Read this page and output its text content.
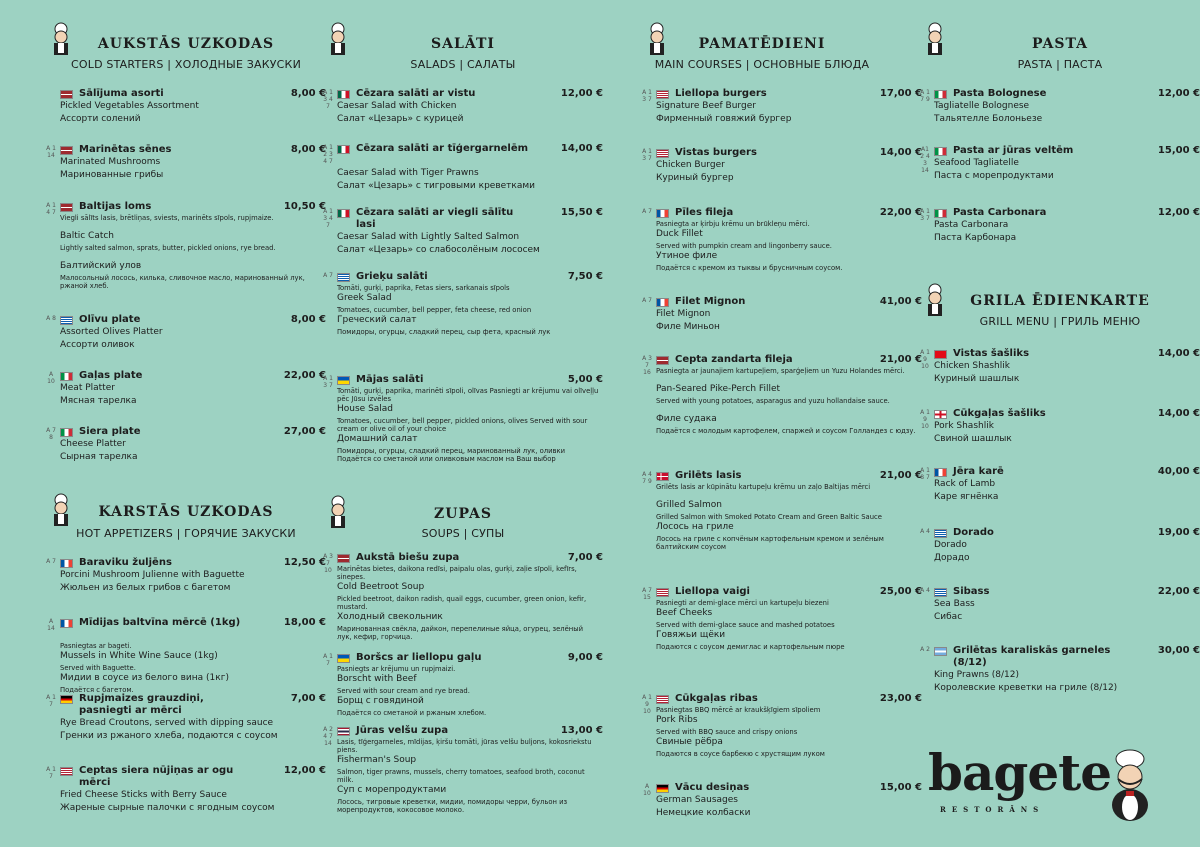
AUKSTĀS UZKODAS
COLD STARTERS | ХОЛОДНЫЕ ЗАКУСКИ
Sālījuma asorti	8,00 €
Pickled Vegetables Assortment
Ассорти солений
A 1 14
Marinētas sēnes	8,00 €
Marinated Mushrooms
Маринованные грибы
A 1 4 7
Baltijas loms	10,50 €
Viegli sālīts lasis, brētliņas, sviests, marinēts sīpols, rupjmaize.
Baltic Catch
Lightly salted salmon, sprats, butter, pickled onions, rye bread.
Балтийский улов
Малосольный лосось, килька, сливочное масло, маринованный лук, ржаной хлеб.
A 8 Olīvu plate	8,00 €
Assorted Olives Platter
Ассорти оливок
A 10
Gaļas plate	22,00 €
Meat Platter
Мясная тарелка
A 7 8
Siera plate	27,00 €
Cheese Platter
Сырная тарелка
KARSTĀS UZKODAS
HOT APPETIZERS | ГОРЯЧИЕ ЗАКУСКИ
A 7 Baraviku žuljēns	12,50 €
Porcini Mushroom Julienne with Baguette
Жюльен из белых грибов с багетом
A 14
Mīdijas baltvīna mērcē (1kg)	18,00 €
Pasniegtas ar bageti.
Mussels in White Wine Sauce (1kg)
Served with Baguette.
Мидии в соусе из белого вина (1кг)
Подаётся с багетом.
A 1 7
Rupjmaizes grauzdiņi, pasniegti ar mērci
7,00 €
Rye Bread Croutons, served with dipping sauce
Гренки из ржаного хлеба, подаются с соусом
A 1 7
Ceptas siera nūjiņas ar ogu mērci
12,00 €
Fried Cheese Sticks with Berry Sauce
Жареные сырные палочки с ягодным соусом
SALĀTI
SALADS | САЛАТЫ
A 1 3 4 7
Cēzara salāti ar vistu	12,00 €
Caesar Salad with Chicken
Салат «Цезарь» с курицей
A 1 2 3 4 7
Cēzara salāti ar tīģergarnelēm	14,00 €
Caesar Salad with Tiger Prawns
Салат «Цезарь» с тигровыми креветками
A 1 3 4 7
Cēzara salāti ar viegli sālītu lasi
15,50 €
Caesar Salad with Lightly Salted Salmon
Салат «Цезарь» со слабосолёным лососем
A 7 Grieķu salāti	7,50 €
Tomāti, gurķi, paprika, Fetas siers, sarkanais sīpols
Greek Salad
Tomatoes, cucumber, bell pepper, feta cheese, red onion
Греческий салат
Помидоры, огурцы, сладкий перец, сыр фета, красный лук
A 1 3 7
Mājas salāti	5,00 €
Tomāti, gurķi, paprika, marinēti sīpoli, olīvas Pasniegti ar krējumu vai olīveļļu pēc Jūsu izvēles
House Salad
Tomatoes, cucumber, bell pepper, pickled onions, olives Served with sour cream or olive oil of your choice
Домашний салат
Помидоры, огурцы, сладкий перец, маринованный лук, оливки Подаётся со сметаной или оливковым маслом на Ваш выбор
ZUPAS
SOUPS | СУПЫ
A 3 7 10
Aukstā biešu zupa	7,00 €
Marinētas bietes, daikona redīsi, paipalu olas, gurķi, zaļie sīpoli, kefīrs, sinepes.
Cold Beetroot Soup
Pickled beetroot, daikon radish, quail eggs, cucumber, green onion, kefir, mustard.
Холодный свекольник
Маринованная свёкла, дайкон, перепелиные яйца, огурец, зелёный лук, кефир, горчица.
A 1 7
Boršcs ar liellopu gaļu	9,00 €
Pasniegts ar krējumu un rupjmaizi.
Borscht with Beef
Served with sour cream and rye bread.
Борщ с говядиной
Подаётся со сметаной и ржаным хлебом.
A 2 4 7 14
Jūras velšu zupa	13,00 €
Lasis, tīģergarneles, mīdijas, ķiršu tomāti, jūras velšu buljons, kokosriekstu piens.
Fisherman's Soup
Salmon, tiger prawns, mussels, cherry tomatoes, seafood broth, coconut milk.
Суп с морепродуктами
Лосось, тигровые креветки, мидии, помидоры черри, бульон из морепродуктов, кокосовое молоко.
PAMATĒDIENI
MAIN COURSES | ОСНОВНЫЕ БЛЮДА
A 1 3 7
Liellopa burgers	17,00 €
Signature Beef Burger
Фирменный говяжий бургер
A 1 3 7
Vistas burgers	14,00 €
Chicken Burger
Куриный бургер
A 7 Pīles fileja	22,00 €
Pasniegta ar ķirbju krēmu un brūkleņu mērci.
Duck Fillet
Served with pumpkin cream and lingonberry sauce.
Утиное филе
Подаётся с кремом из тыквы и брусничным соусом.
A 7 Filet Mignon	41,00 €
Filet Mignon
Филе Миньон
A 3 7 16
Cepta zandarta fileja	21,00 €
Pasniegta ar jaunajiem kartupeļiem, sparģeļiem un Yuzu Holandes mērci.
Pan-Seared Pike-Perch Fillet
Served with young potatoes, asparagus and yuzu hollandaise sauce.
Филе судака
Подаётся с молодым картофелем, спаржей и соусом Голландез с юдзу.
A 4 7 9
Grilēts lasis	21,00 €
Grilēts lasis ar kūpinātu kartupeļu krēmu un zaļo Baltijas mērci
Grilled Salmon
Grilled Salmon with Smoked Potato Cream and Green Baltic Sauce
Лосось на гриле
Лосось на гриле с копчёным картофельным кремом и зелёным балтийским соусом
A 7 15
Liellopa vaigi	25,00 €
Pasniegti ar demi-glace mērci un kartupeļu biezeni
Beef Cheeks
Served with demi-glace sauce and mashed potatoes
Говяжьи щёки
Подаются с соусом демиглас и картофельным пюре
A 1 9 10
Cūkgaļas ribas	23,00 €
Pasniegtas BBQ mērcē ar kraukšķīgiem sīpoliem
Pork Ribs
Served with BBQ sauce and crispy onions
Свиные рёбра
Подаются в соусе барбекю с хрустящим луком
A 10
Vācu desiņas	15,00 €
German Sausages
Немецкие колбаски
PASTA
PASTA | ПАСТА
A 1 7 9
Pasta Bolognese	12,00 €
Tagliatelle Bolognese
Тальятелле Болоньезе
A1 2 4 3 14
Pasta ar jūras veltēm	15,00 €
Seafood Tagliatelle
Паста с морепродуктами
A 1 3 7
Pasta Carbonara	12,00 €
Pasta Carbonara
Паста Карбонара
GRILA ĒDIENKARTE
GRILL MENU | ГРИЛЬ МЕНЮ
A 1 9 10
Vistas šašliks	14,00 €
Chicken Shashlik
Куриный шашлык
A 1 9 10
Cūkgaļas šašliks	14,00 €
Pork Shashlik
Свиной шашлык
A 1 8 7
Jēra karē	40,00 €
Rack of Lamb
Каре ягнёнка
A 4 Dorado	19,00 €
Dorado
Дорадо
A 4 Sibass	22,00 €
Sea Bass
Сибас
A 2 Grilētas karaliskās garneles (8/12)
30,00 €
King Prawns (8/12)
Королевские креветки на гриле (8/12)
bagete
RESTORĀNS
